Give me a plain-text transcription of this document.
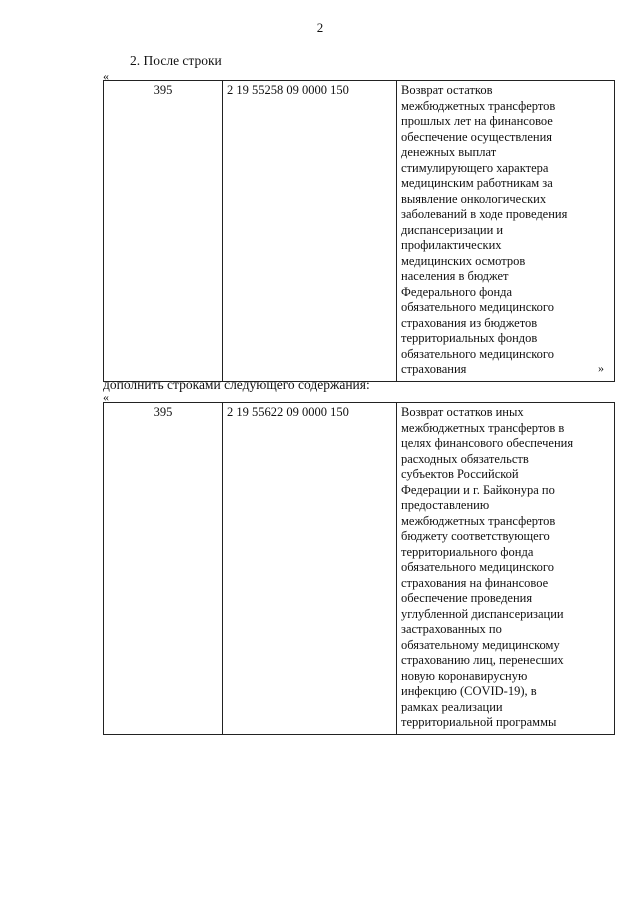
2
2. После строки
«
395	2 19 55258 09 0000 150	Возврат остатков
межбюджетных трансфертов
прошлых лет на финансовое
обеспечение осуществления
денежных выплат
стимулирующего характера
медицинским работникам за
выявление онкологических
заболеваний в ходе проведения
диспансеризации и
профилактических
медицинских осмотров
населения в бюджет
Федерального фонда
обязательного медицинского
страхования из бюджетов
территориальных фондов
обязательного медицинского
страхования	»
дополнить строками следующего содержания:
«
395	2 19 55622 09 0000 150	Возврат остатков иных
межбюджетных трансфертов в
целях финансового обеспечения
расходных обязательств
субъектов Российской
Федерации и г. Байконура по
предоставлению
межбюджетных трансфертов
бюджету соответствующего
территориального фонда
обязательного медицинского
страхования на финансовое
обеспечение проведения
углубленной диспансеризации
застрахованных по
обязательному медицинскому
страхованию лиц, перенесших
новую коронавирусную
инфекцию (COVID-19), в
рамках реализации
территориальной программы
